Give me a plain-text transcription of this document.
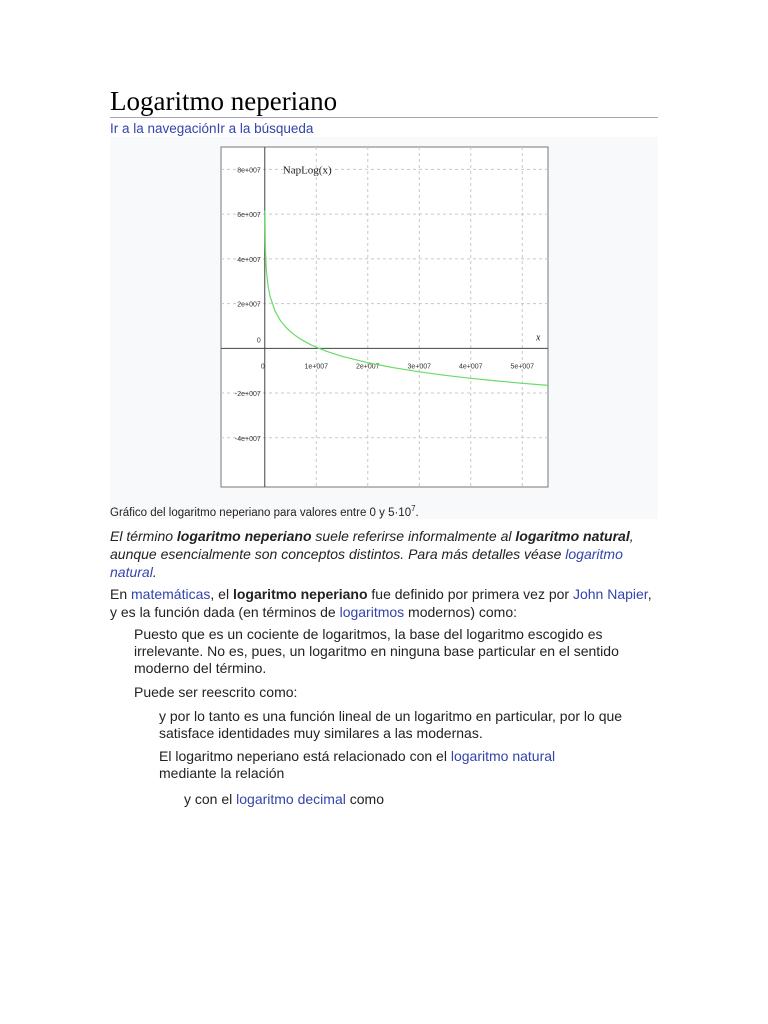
Logaritmo neperiano
Ir a la navegaciónIr a la búsqueda
0	1e+007	2e+007	3e+007	4e+007	5e+007
8e+007
6e+007
4e+007
2e+007
0
-2e+007
-4e+007
NapLog(x)
x
Gráfico del logaritmo neperiano para valores entre 0 y $5\cdot 10^7$.
El término logaritmo neperiano suele referirse informalmente al logaritmo natural, aunque esencialmente son conceptos distintos. Para más detalles véase logaritmo natural.
En matemáticas, el logaritmo neperiano fue definido por primera vez por John Napier, y es la función dada (en términos de logaritmos modernos) como:
Puesto que es un cociente de logaritmos, la base del logaritmo escogido es irrelevante. No es, pues, un logaritmo en ninguna base particular en el sentido moderno del término.
Puede ser reescrito como:
y por lo tanto es una función lineal de un logaritmo en particular, por lo que satisface identidades muy similares a las modernas.
El logaritmo neperiano está relacionado con el logaritmo natural mediante la relación
y con el logaritmo decimal como
